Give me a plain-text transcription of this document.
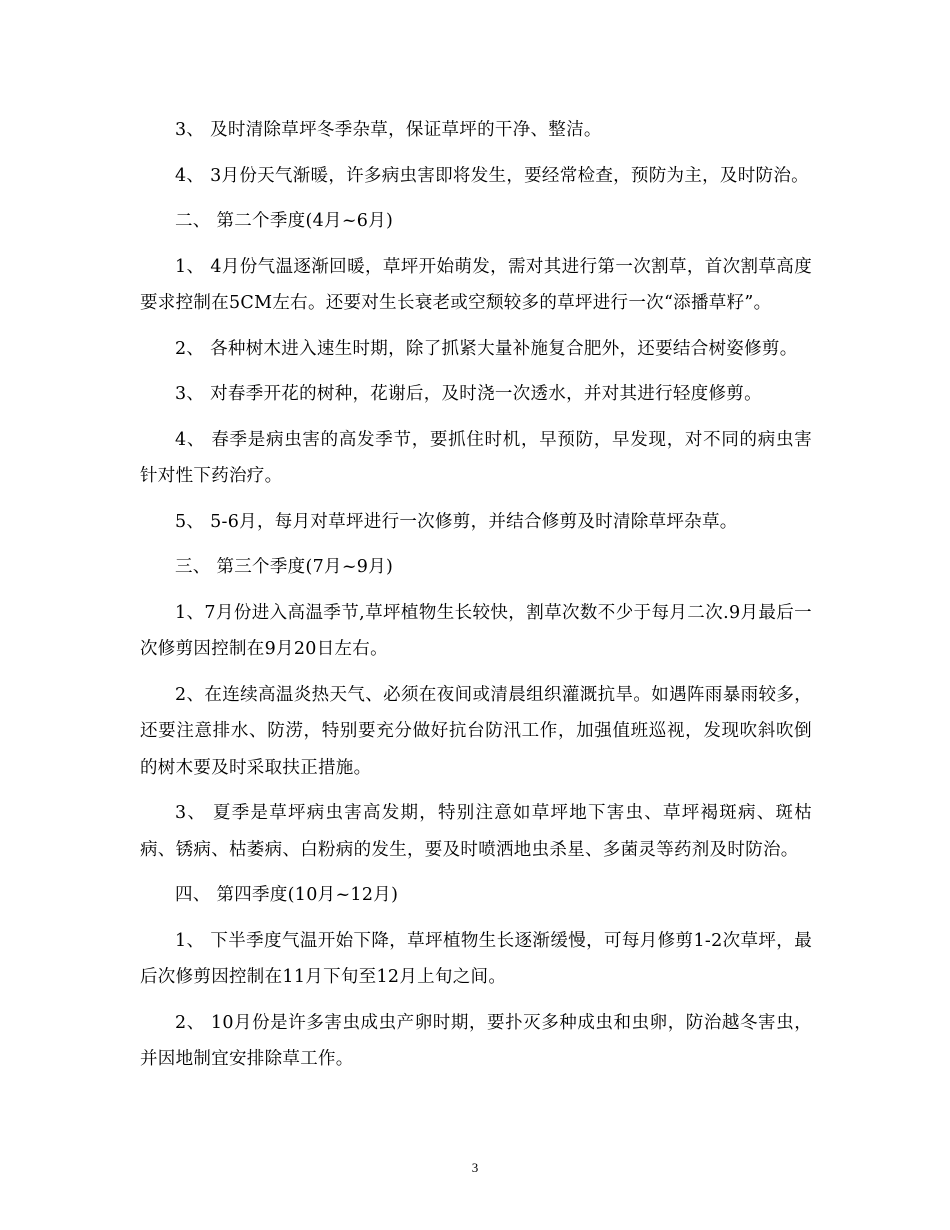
3、 及时清除草坪冬季杂草，保证草坪的干净、整洁。

4、 3月份天气渐暖，许多病虫害即将发生，要经常检查，预防为主，及时防治。

二、 第二个季度(4月~6月)

1、 4月份气温逐渐回暖，草坪开始萌发，需对其进行第一次割草，首次割草高度要求控制在5CM左右。还要对生长衰老或空颓较多的草坪进行一次“添播草籽”。

2、 各种树木进入速生时期，除了抓紧大量补施复合肥外，还要结合树姿修剪。

3、 对春季开花的树种，花谢后，及时浇一次透水，并对其进行轻度修剪。

4、 春季是病虫害的高发季节，要抓住时机，早预防，早发现，对不同的病虫害针对性下药治疗。

5、 5-6月，每月对草坪进行一次修剪，并结合修剪及时清除草坪杂草。

三、 第三个季度(7月~9月)

1、7月份进入高温季节,草坪植物生长较快，割草次数不少于每月二次.9月最后一次修剪因控制在9月20日左右。

2、在连续高温炎热天气、必须在夜间或清晨组织灌溉抗旱。如遇阵雨暴雨较多，还要注意排水、防涝，特别要充分做好抗台防汛工作，加强值班巡视，发现吹斜吹倒的树木要及时采取扶正措施。

3、 夏季是草坪病虫害高发期，特别注意如草坪地下害虫、草坪褐斑病、斑枯病、锈病、枯萎病、白粉病的发生，要及时喷洒地虫杀星、多菌灵等药剂及时防治。

四、 第四季度(10月~12月)

1、 下半季度气温开始下降，草坪植物生长逐渐缓慢，可每月修剪1-2次草坪，最后次修剪因控制在11月下旬至12月上旬之间。

2、 10月份是许多害虫成虫产卵时期，要扑灭多种成虫和虫卵，防治越冬害虫，并因地制宜安排除草工作。

3
